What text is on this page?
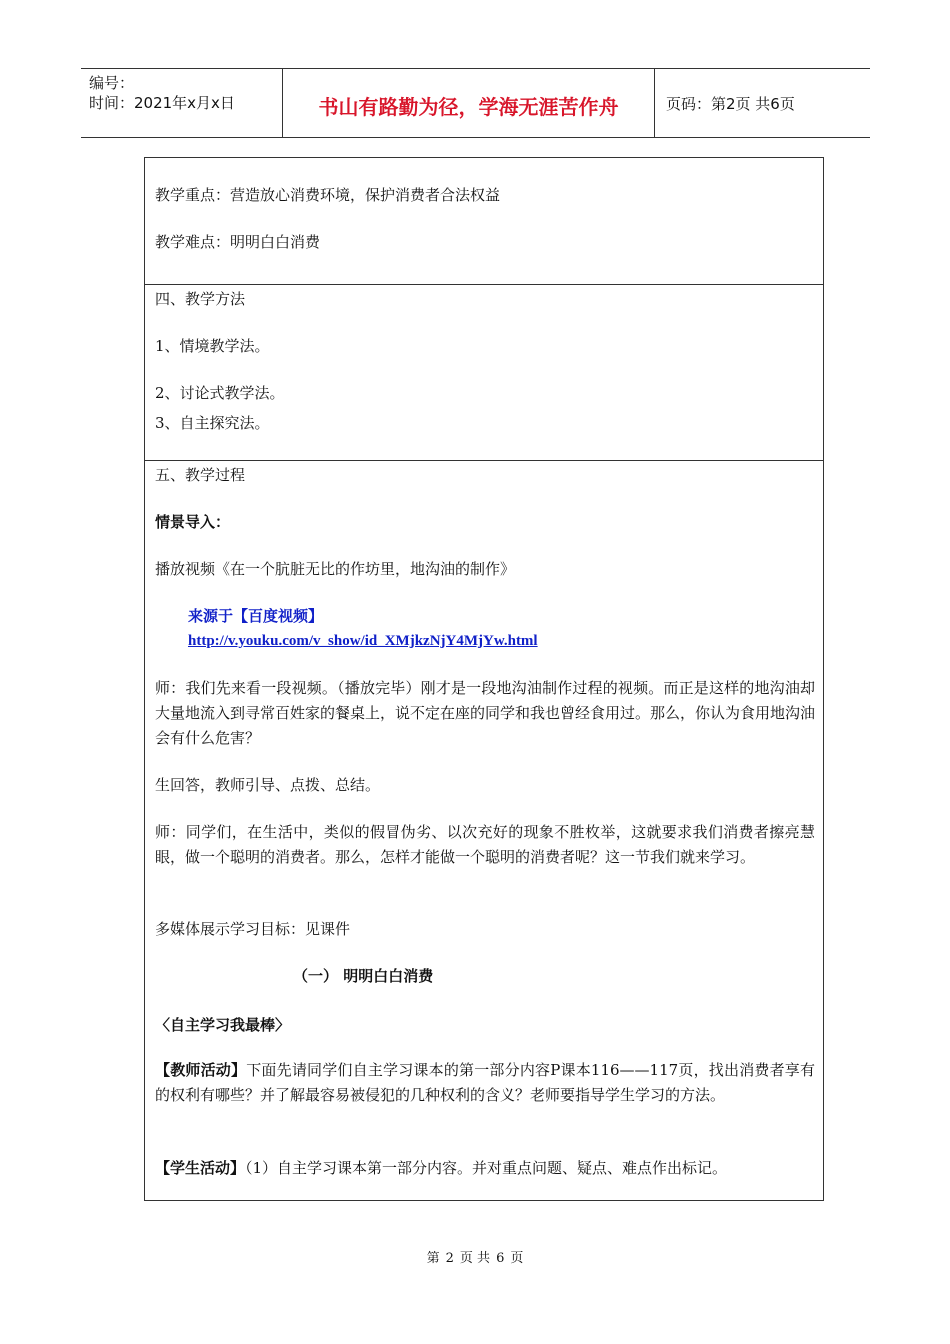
编号：
时间：2021年x月x日	书山有路勤为径，学海无涯苦作舟	页码：第2页 共6页
教学重点：营造放心消费环境，保护消费者合法权益
教学难点：明明白白消费
四、教学方法
1、情境教学法。
2、讨论式教学法。
3、自主探究法。
五、教学过程
情景导入：
播放视频《在一个肮脏无比的作坊里，地沟油的制作》
来源于【百度视频】
http://v.youku.com/v_show/id_XMjkzNjY4MjYw.html
师：我们先来看一段视频。（播放完毕）刚才是一段地沟油制作过程的视频。而正是这样的地沟油却大量地流入到寻常百姓家的餐桌上，说不定在座的同学和我也曾经食用过。那么，你认为食用地沟油会有什么危害？
生回答，教师引导、点拨、总结。
师：同学们，在生活中，类似的假冒伪劣、以次充好的现象不胜枚举，这就要求我们消费者擦亮慧眼，做一个聪明的消费者。那么，怎样才能做一个聪明的消费者呢？这一节我们就来学习。
多媒体展示学习目标：见课件
（一） 明明白白消费
〈自主学习我最棒〉
【教师活动】下面先请同学们自主学习课本的第一部分内容P课本116——117页，找出消费者享有的权利有哪些？并了解最容易被侵犯的几种权利的含义？老师要指导学生学习的方法。
【学生活动】（1）自主学习课本第一部分内容。并对重点问题、疑点、难点作出标记。
第 2 页 共 6 页
